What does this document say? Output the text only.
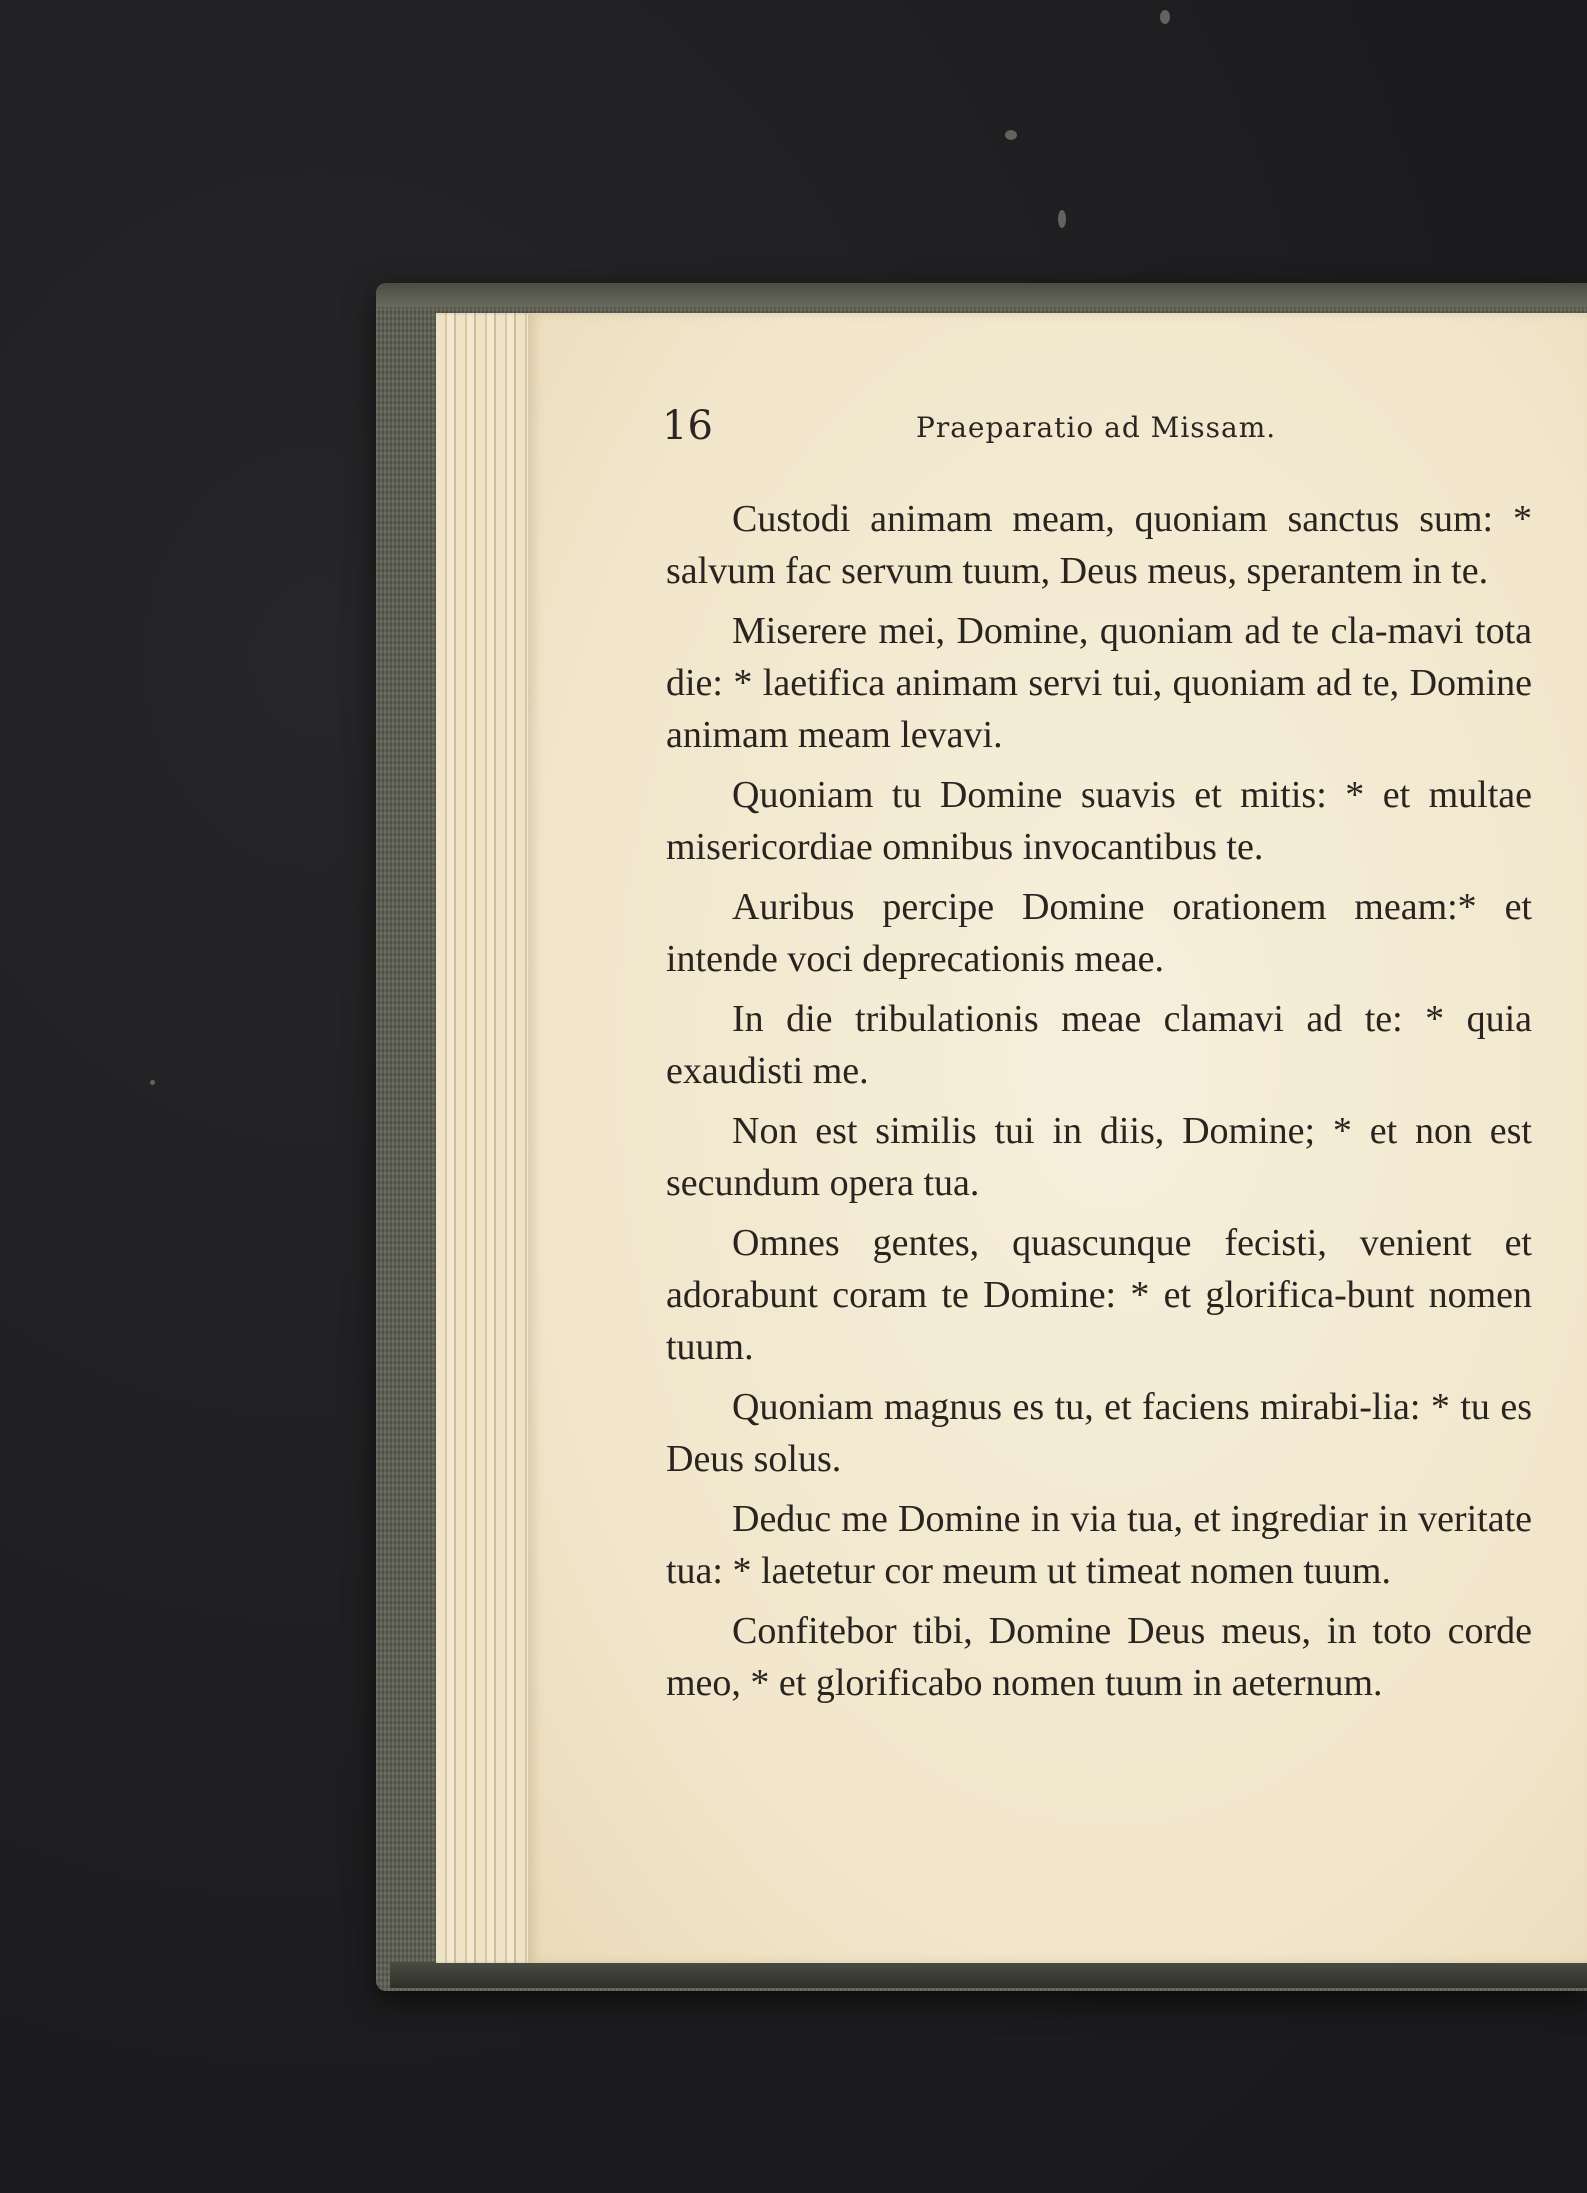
16	Praeparatio ad Missam.

Custodi animam meam, quoniam sanctus sum: * salvum fac servum tuum, Deus meus, sperantem in te.

Miserere mei, Domine, quoniam ad te cla-mavi tota die: * laetifica animam servi tui, quoniam ad te, Domine animam meam levavi.

Quoniam tu Domine suavis et mitis: * et multae misericordiae omnibus invocantibus te.

Auribus percipe Domine orationem meam:* et intende voci deprecationis meae.

In die tribulationis meae clamavi ad te: * quia exaudisti me.

Non est similis tui in diis, Domine; * et non est secundum opera tua.

Omnes gentes, quascunque fecisti, venient et adorabunt coram te Domine: * et glorifica-bunt nomen tuum.

Quoniam magnus es tu, et faciens mirabi-lia: * tu es Deus solus.

Deduc me Domine in via tua, et ingrediar in veritate tua: * laetetur cor meum ut timeat nomen tuum.

Confitebor tibi, Domine Deus meus, in toto corde meo, * et glorificabo nomen tuum in aeternum.
